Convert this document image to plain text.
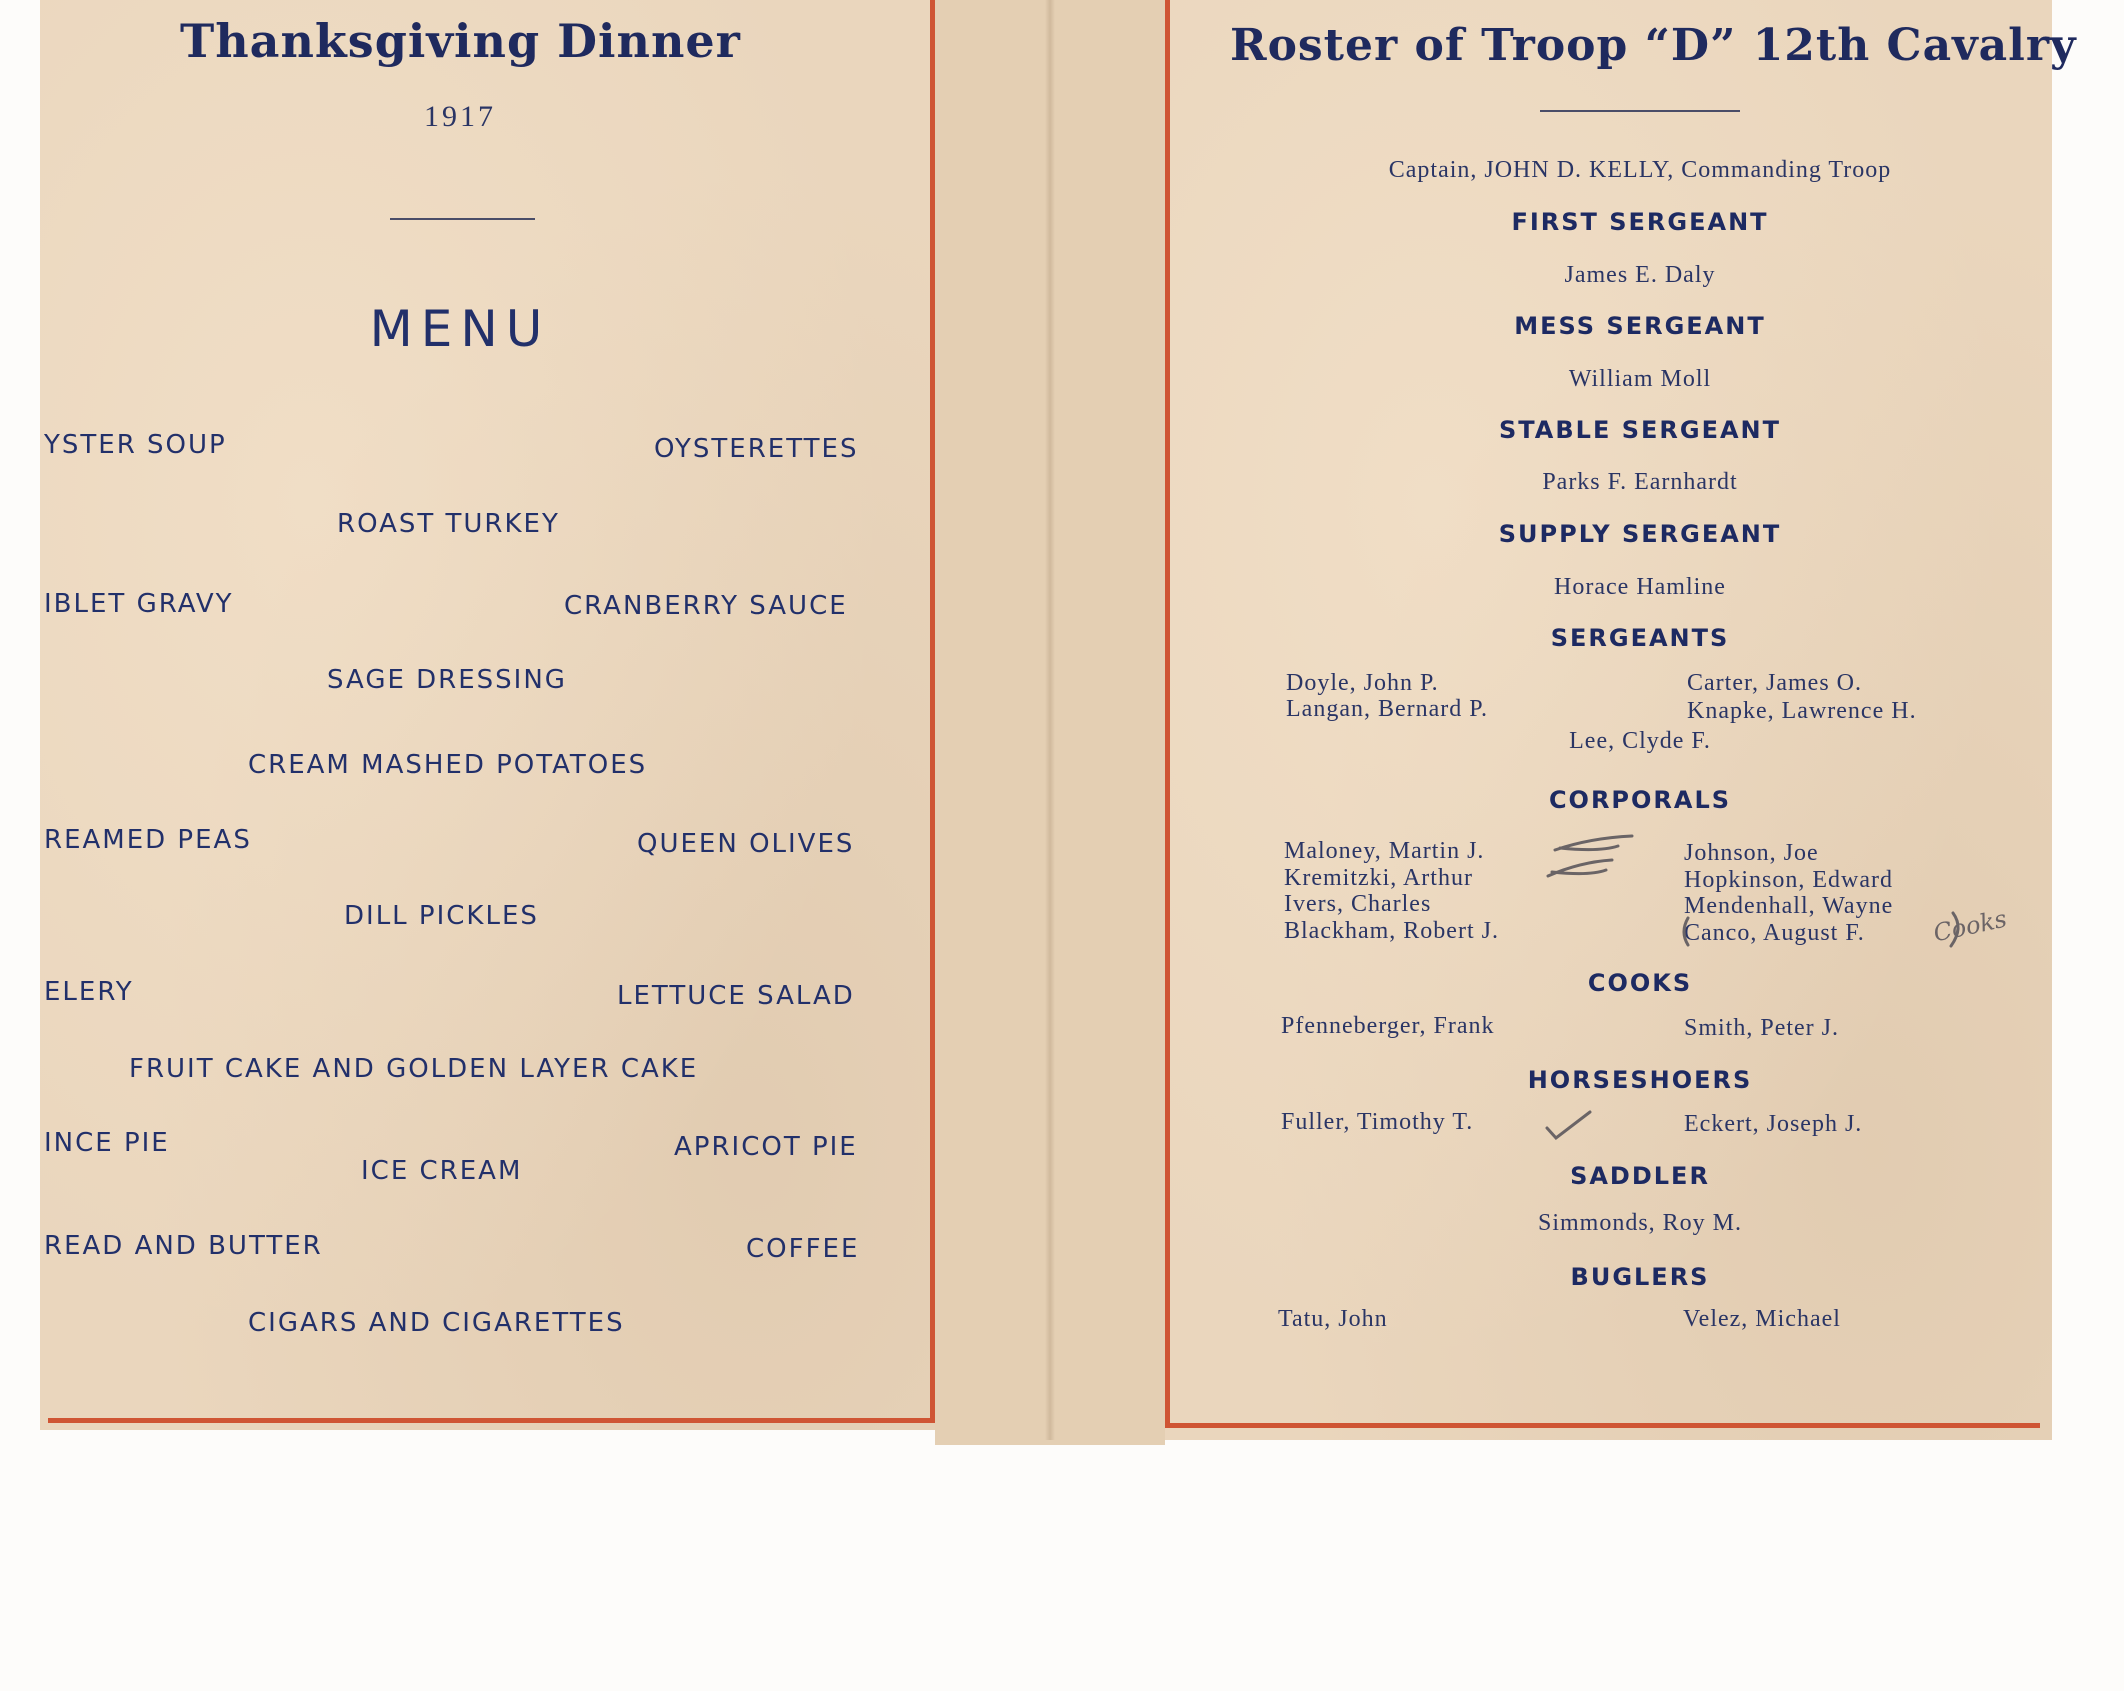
Thanksgiving Dinner
1917
MENU
YSTER SOUP	OYSTERETTES
ROAST TURKEY
IBLET GRAVY	CRANBERRY SAUCE
SAGE DRESSING
CREAM MASHED POTATOES
REAMED PEAS	QUEEN OLIVES
DILL PICKLES
ELERY	LETTUCE SALAD
FRUIT CAKE AND GOLDEN LAYER CAKE
INCE PIE	APRICOT PIE
ICE CREAM
READ AND BUTTER	COFFEE
CIGARS AND CIGARETTES
Roster of Troop “D” 12th Cavalry
Captain, JOHN D. KELLY, Commanding Troop
FIRST SERGEANT
James E. Daly
MESS SERGEANT
William Moll
STABLE SERGEANT
Parks F. Earnhardt
SUPPLY SERGEANT
Horace Hamline
SERGEANTS
Doyle, John P.	Carter, James O.
Langan, Bernard P.	Knapke, Lawrence H.
Lee, Clyde F.
CORPORALS
Maloney, Martin J.	Johnson, Joe
Kremitzki, Arthur	Hopkinson, Edward
Ivers, Charles	Mendenhall, Wayne
Blackham, Robert J.	Canco, August F.
COOKS
Pfenneberger, Frank	Smith, Peter J.
HORSESHOERS
Fuller, Timothy T.	Eckert, Joseph J.
SADDLER
Simmonds, Roy M.
BUGLERS
Tatu, John	Velez, Michael
Cooks
